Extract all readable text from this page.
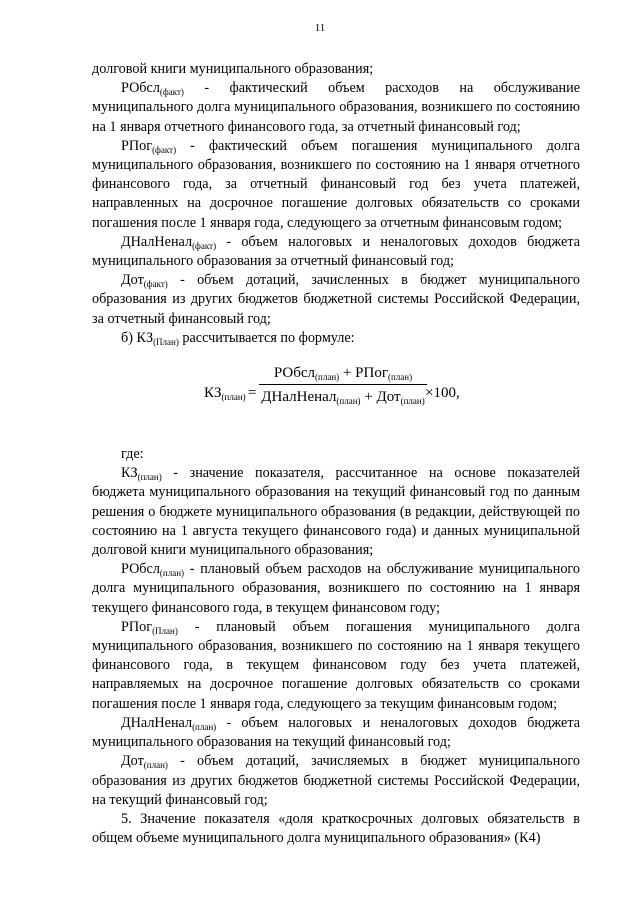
11

долговой книги муниципального образования;

РОбсл$_{(факт)}$ - фактический объем расходов на обслуживание муниципального долга муниципального образования, возникшего по состоянию на 1 января отчетного финансового года, за отчетный финансовый год;

РПог$_{(факт)}$ - фактический объем погашения муниципального долга муниципального образования, возникшего по состоянию на 1 января отчетного финансового года, за отчетный финансовый год без учета платежей, направленных на досрочное погашение долговых обязательств со сроками погашения после 1 января года, следующего за отчетным финансовым годом;

ДНалНенал$_{(факт)}$ - объем налоговых и неналоговых доходов бюджета муниципального образования за отчетный финансовый год;

Дот$_{(факт)}$ - объем дотаций, зачисленных в бюджет муниципального образования из других бюджетов бюджетной системы Российской Федерации, за отчетный финансовый год;

б) $КЗ_{(План)}$ рассчитывается по формуле:

$КЗ_{(план)}$ =
РОбсл$_{(план)}$ + РПог$_{(план)}$
ДНалНенал$_{(план)}$ + Дот$_{(план)}$ ×100,

где:

$КЗ_{(план)}$ - значение показателя, рассчитанное на основе показателей бюджета муниципального образования на текущий финансовый год по данным решения о бюджете муниципального образования (в редакции, действующей по состоянию на 1 августа текущего финансового года) и данных муниципальной долговой книги муниципального образования;

РОбсл$_{(план)}$ - плановый объем расходов на обслуживание муниципального долга муниципального образования, возникшего по состоянию на 1 января текущего финансового года, в текущем финансовом году;

РПог$_{(План)}$ - плановый объем погашения муниципального долга муниципального образования, возникшего по состоянию на 1 января текущего финансового года, в текущем финансовом году без учета платежей, направляемых на досрочное погашение долговых обязательств со сроками погашения после 1 января года, следующего за текущим финансовым годом;

ДНалНенал$_{(план)}$ - объем налоговых и неналоговых доходов бюджета муниципального образования на текущий финансовый год;

Дот$_{(план)}$ - объем дотаций, зачисляемых в бюджет муниципального образования из других бюджетов бюджетной системы Российской Федерации, на текущий финансовый год;

5. Значение показателя «доля краткосрочных долговых обязательств в общем объеме муниципального долга муниципального образования» (К4)
